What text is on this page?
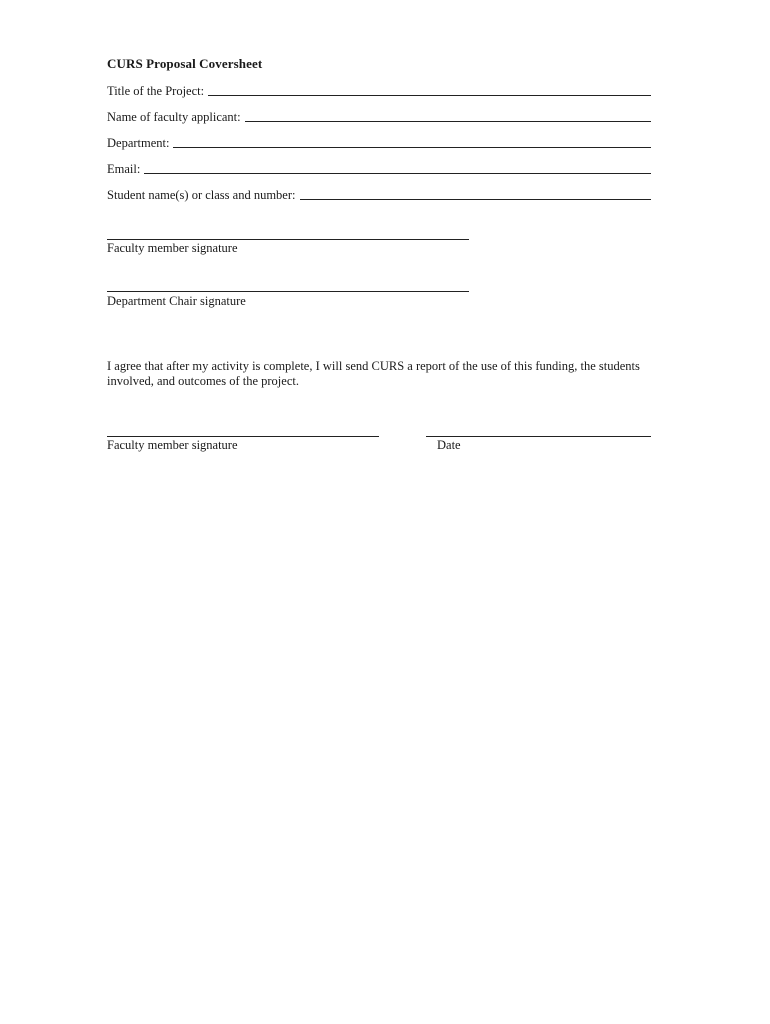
CURS Proposal Coversheet
Title of the Project:
Name of faculty applicant:
Department:
Email:
Student name(s) or class and number:
Faculty member signature
Department Chair signature
I agree that after my activity is complete, I will send CURS a report of the use of this funding, the students involved, and outcomes of the project.
Faculty member signature	Date
